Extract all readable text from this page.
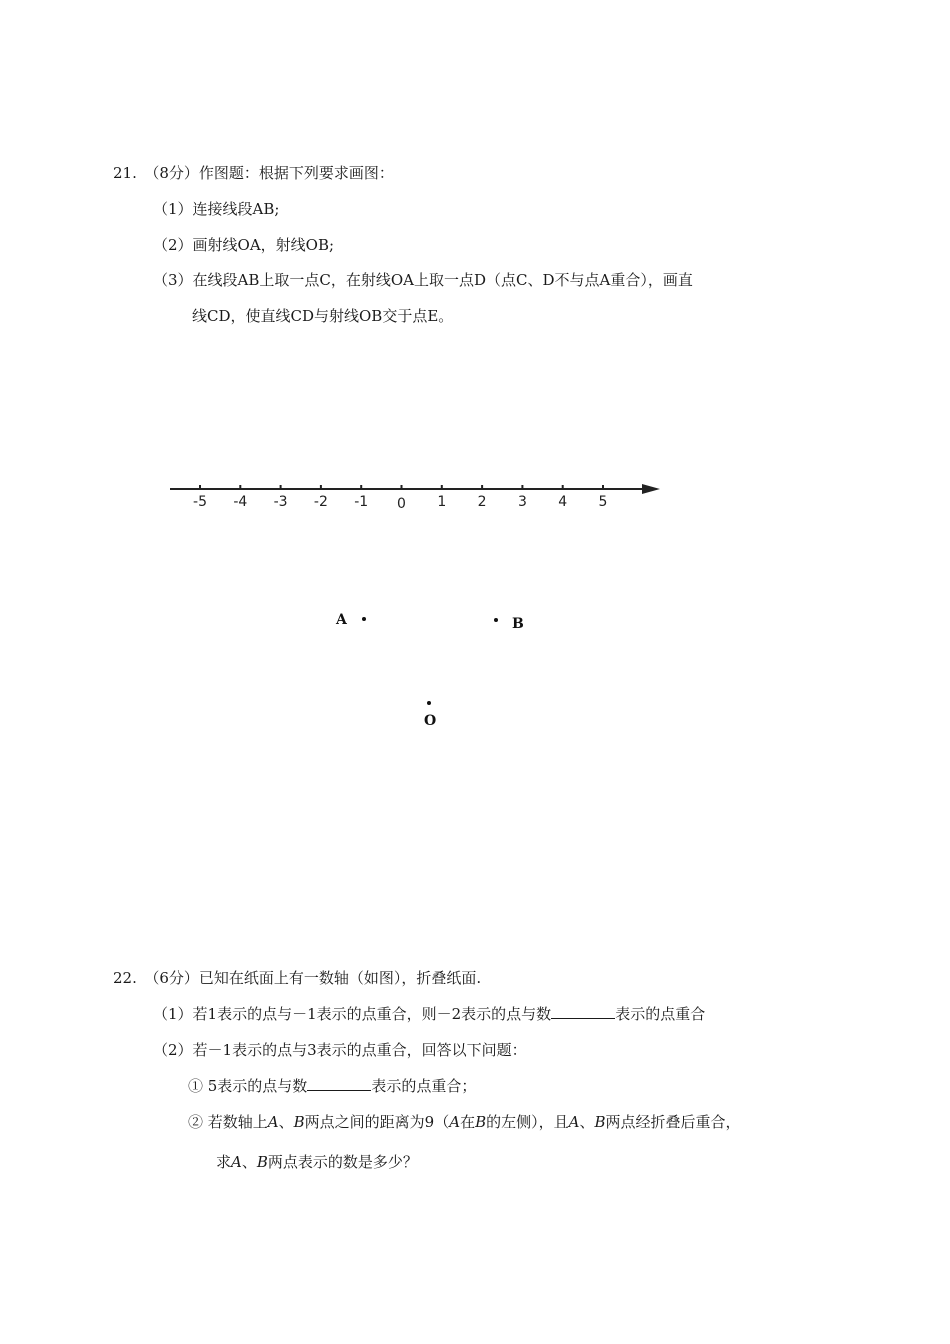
21.　（8分）作图题：根据下列要求画图：
（1）连接线段AB;
（2）画射线OA，射线OB;
（3）在线段AB上取一点C，在射线OA上取一点D（点C、D不与点A重合），画直
线CD，使直线CD与射线OB交于点E。
-5 -4 -3 -2 -1 0 1 2 3 4 5
A	B
O
22.　（6分）已知在纸面上有一数轴（如图），折叠纸面.
（1）若1表示的点与－1表示的点重合，则－2表示的点与数	表示的点重合
（2）若－1表示的点与3表示的点重合，回答以下问题：
① 5表示的点与数	表示的点重合；
② 若数轴上A、B两点之间的距离为9（A在B的左侧），且A、B两点经折叠后重合，
求A、B两点表示的数是多少？
